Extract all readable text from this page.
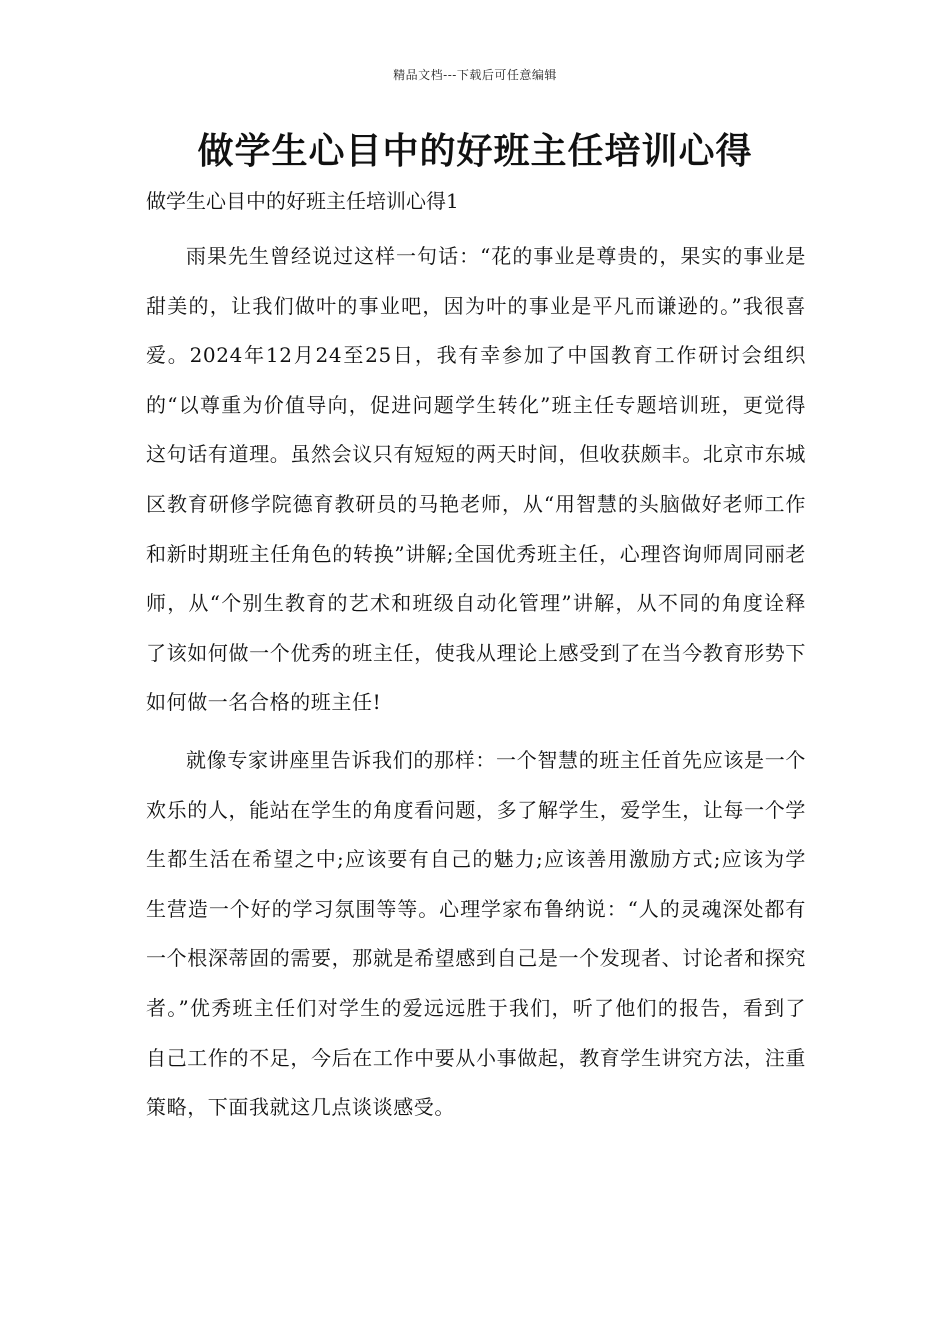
精品文档---下载后可任意编辑
做学生心目中的好班主任培训心得
做学生心目中的好班主任培训心得1

雨果先生曾经说过这样一句话：“花的事业是尊贵的，果实的事业是甜美的，让我们做叶的事业吧，因为叶的事业是平凡而谦逊的。”我很喜爱。2024年12月24至25日，我有幸参加了中国教育工作研讨会组织的“以尊重为价值导向，促进问题学生转化”班主任专题培训班，更觉得这句话有道理。虽然会议只有短短的两天时间，但收获颇丰。北京市东城区教育研修学院德育教研员的马艳老师，从“用智慧的头脑做好老师工作和新时期班主任角色的转换”讲解;全国优秀班主任，心理咨询师周同丽老师，从“个别生教育的艺术和班级自动化管理”讲解，从不同的角度诠释了该如何做一个优秀的班主任，使我从理论上感受到了在当今教育形势下如何做一名合格的班主任!

就像专家讲座里告诉我们的那样：一个智慧的班主任首先应该是一个欢乐的人，能站在学生的角度看问题，多了解学生，爱学生，让每一个学生都生活在希望之中;应该要有自己的魅力;应该善用激励方式;应该为学生营造一个好的学习氛围等等。心理学家布鲁纳说：“人的灵魂深处都有一个根深蒂固的需要，那就是希望感到自己是一个发现者、讨论者和探究者。”优秀班主任们对学生的爱远远胜于我们，听了他们的报告，看到了自己工作的不足，今后在工作中要从小事做起，教育学生讲究方法，注重策略，下面我就这几点谈谈感受。
